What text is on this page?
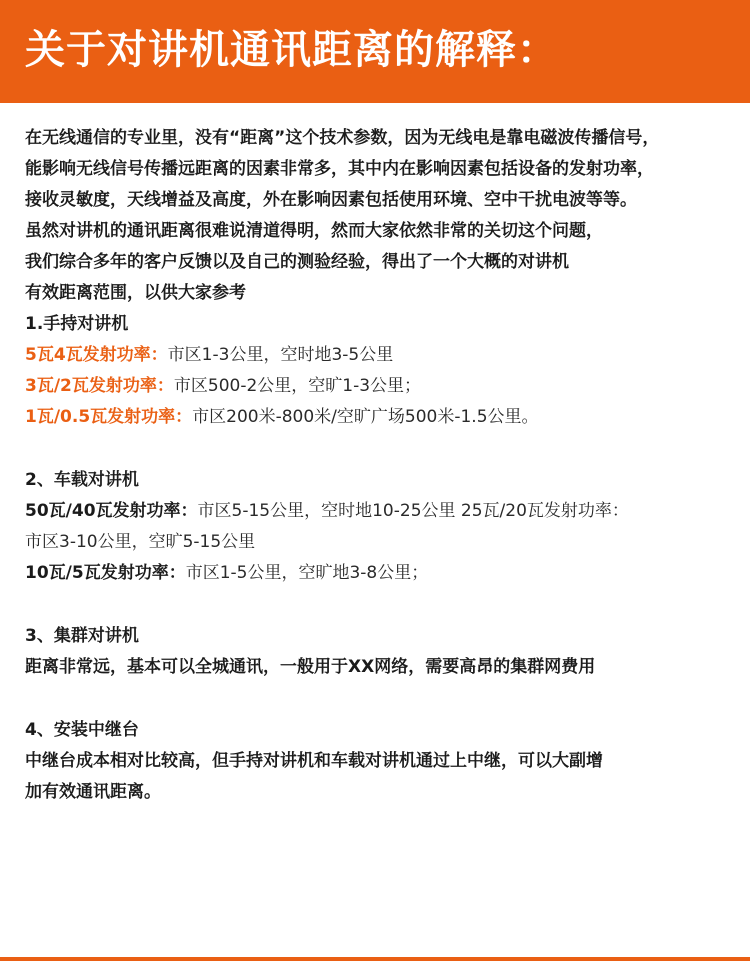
关于对讲机通讯距离的解释：
在无线通信的专业里，没有“距离”这个技术参数，因为无线电是靠电磁波传播信号，
能影响无线信号传播远距离的因素非常多，其中内在影响因素包括设备的发射功率，
接收灵敏度，天线增益及高度，外在影响因素包括使用环境、空中干扰电波等等。
虽然对讲机的通讯距离很难说清道得明，然而大家依然非常的关切这个问题，
我们综合多年的客户反馈以及自己的测验经验，得出了一个大概的对讲机
有效距离范围，以供大家参考
1.手持对讲机
5瓦4瓦发射功率：市区1-3公里，空时地3-5公里
3瓦/2瓦发射功率：市区500-2公里，空旷1-3公里；
1瓦/0.5瓦发射功率：市区200米-800米/空旷广场500米-1.5公里。
2、车载对讲机
50瓦/40瓦发射功率：市区5-15公里，空时地10-25公里 25瓦/20瓦发射功率：
市区3-10公里，空旷5-15公里
10瓦/5瓦发射功率：市区1-5公里，空旷地3-8公里；
3、集群对讲机
距离非常远，基本可以全城通讯，一般用于XX网络，需要高昂的集群网费用
4、安装中继台
中继台成本相对比较高，但手持对讲机和车载对讲机通过上中继，可以大副增
加有效通讯距离。
